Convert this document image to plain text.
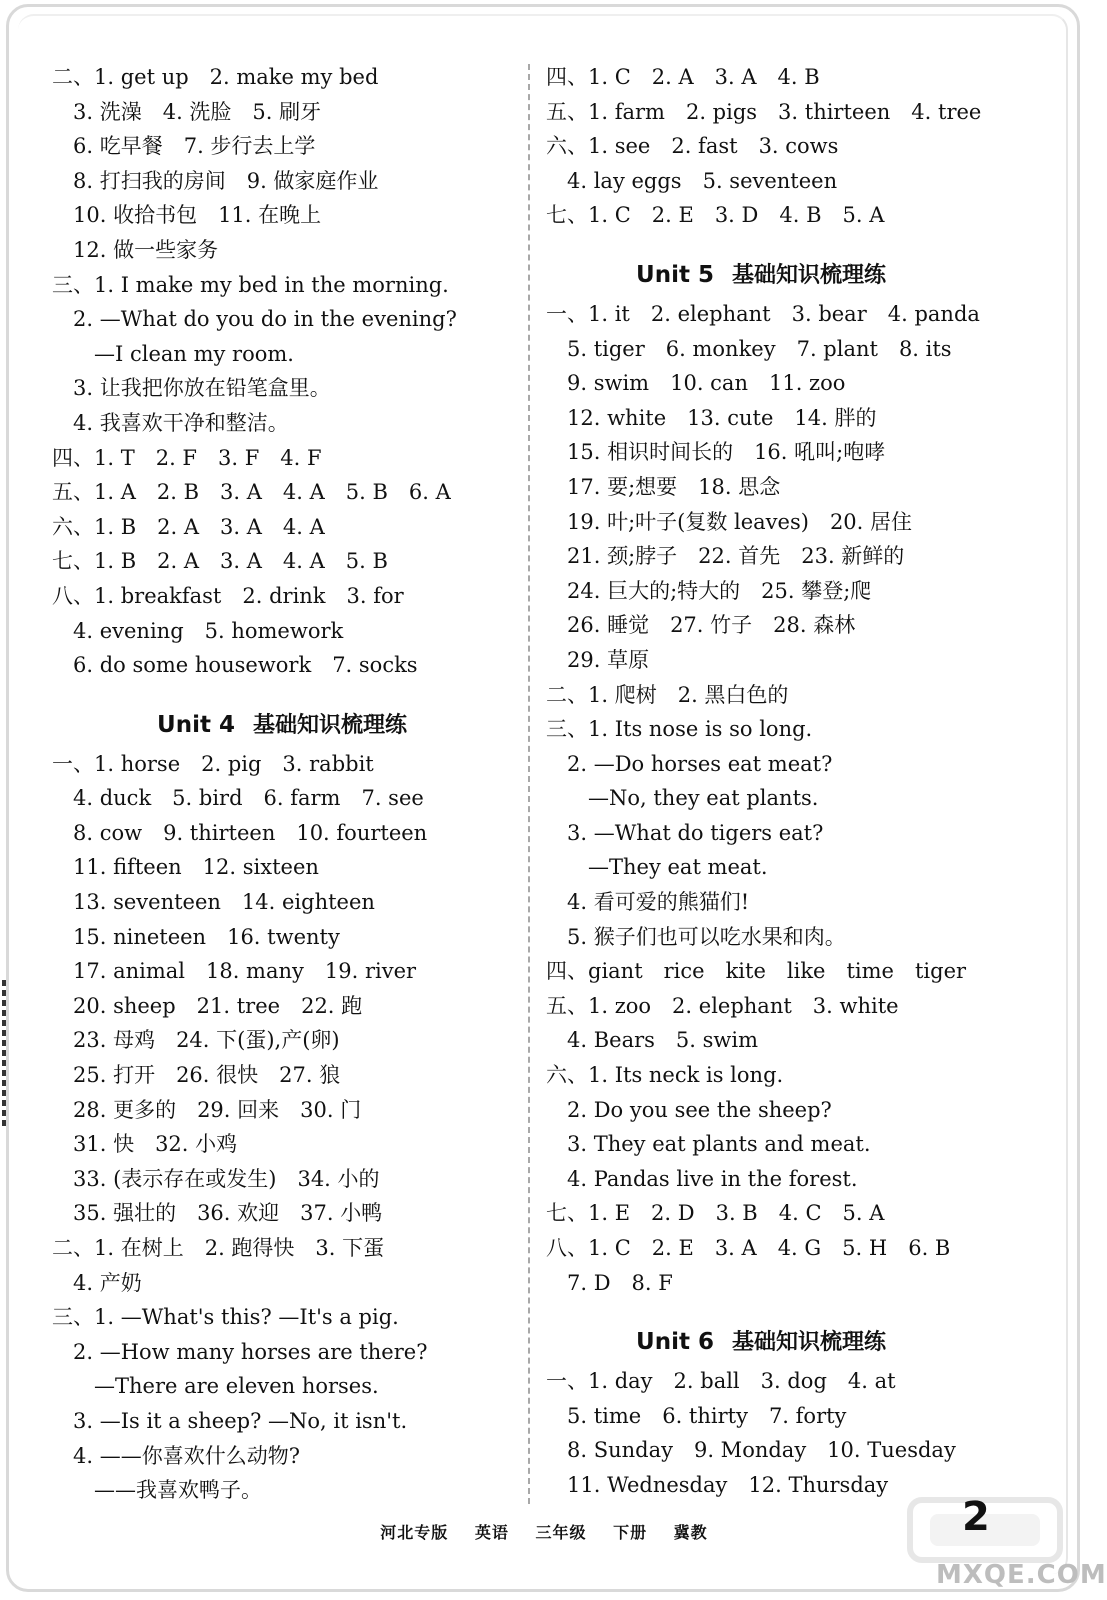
二、1. get up　2. make my bed
　3. 洗澡　4. 洗脸　5. 刷牙
　6. 吃早餐　7. 步行去上学
　8. 打扫我的房间　9. 做家庭作业
　10. 收拾书包　11. 在晚上
　12. 做一些家务
三、1. I make my bed in the morning.
　2. —What do you do in the evening?
　　—I clean my room.
　3. 让我把你放在铅笔盒里。
　4. 我喜欢干净和整洁。
四、1. T　2. F　3. F　4. F
五、1. A　2. B　3. A　4. A　5. B　6. A
六、1. B　2. A　3. A　4. A
七、1. B　2. A　3. A　4. A　5. B
八、1. breakfast　2. drink　3. for
　4. evening　5. homework
　6. do some housework　7. socks
Unit 4 基础知识梳理练
一、1. horse　2. pig　3. rabbit
　4. duck　5. bird　6. farm　7. see
　8. cow　9. thirteen　10. fourteen
　11. fifteen　12. sixteen
　13. seventeen　14. eighteen
　15. nineteen　16. twenty
　17. animal　18. many　19. river
　20. sheep　21. tree　22. 跑
　23. 母鸡　24. 下(蛋),产(卵)
　25. 打开　26. 很快　27. 狼
　28. 更多的　29. 回来　30. 门
　31. 快　32. 小鸡
　33. (表示存在或发生)　34. 小的
　35. 强壮的　36. 欢迎　37. 小鸭
二、1. 在树上　2. 跑得快　3. 下蛋
　4. 产奶
三、1. —What's this? —It's a pig.
　2. —How many horses are there?
　　—There are eleven horses.
　3. —Is it a sheep? —No, it isn't.
　4. ——你喜欢什么动物?
　　——我喜欢鸭子。
四、1. C　2. A　3. A　4. B
五、1. farm　2. pigs　3. thirteen　4. tree
六、1. see　2. fast　3. cows
　4. lay eggs　5. seventeen
七、1. C　2. E　3. D　4. B　5. A
Unit 5 基础知识梳理练
一、1. it　2. elephant　3. bear　4. panda
　5. tiger　6. monkey　7. plant　8. its
　9. swim　10. can　11. zoo
　12. white　13. cute　14. 胖的
　15. 相识时间长的　16. 吼叫;咆哮
　17. 要;想要　18. 思念
　19. 叶;叶子(复数 leaves)　20. 居住
　21. 颈;脖子　22. 首先　23. 新鲜的
　24. 巨大的;特大的　25. 攀登;爬
　26. 睡觉　27. 竹子　28. 森林
　29. 草原
二、1. 爬树　2. 黑白色的
三、1. Its nose is so long.
　2. —Do horses eat meat?
　　—No, they eat plants.
　3. —What do tigers eat?
　　—They eat meat.
　4. 看可爱的熊猫们!
　5. 猴子们也可以吃水果和肉。
四、giant　rice　kite　like　time　tiger
五、1. zoo　2. elephant　3. white
　4. Bears　5. swim
六、1. Its neck is long.
　2. Do you see the sheep?
　3. They eat plants and meat.
　4. Pandas live in the forest.
七、1. E　2. D　3. B　4. C　5. A
八、1. C　2. E　3. A　4. G　5. H　6. B
　7. D　8. F
Unit 6 基础知识梳理练
一、1. day　2. ball　3. dog　4. at
　5. time　6. thirty　7. forty
　8. Sunday　9. Monday　10. Tuesday
　11. Wednesday　12. Thursday
河北专版 英语 三年级 下册 冀教	2
MXQE.COM
